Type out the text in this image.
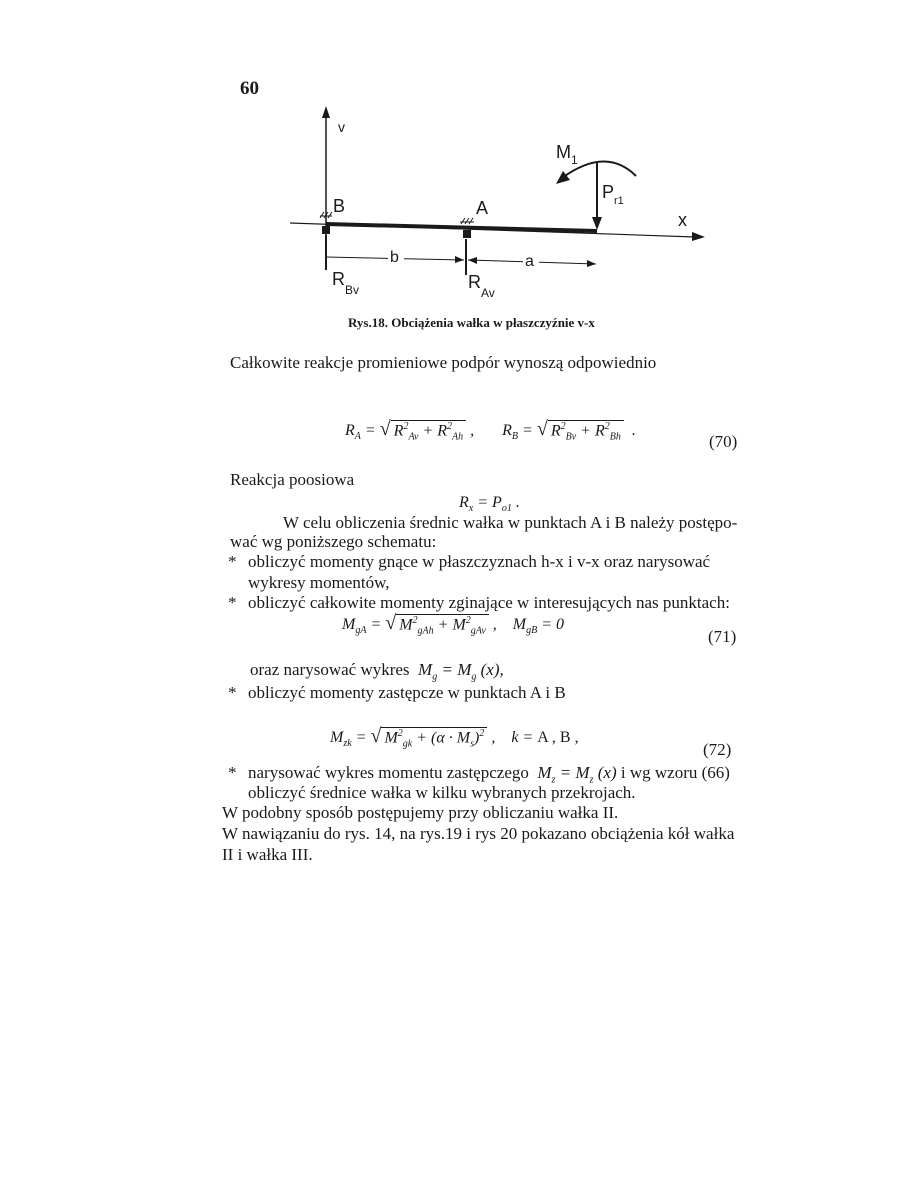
60
v
x
B	A
$R_{Bv}$	$R_{Av}$
b	a
$P_{r1}$
$M_1$
Rys.18. Obciążenia wałka w płaszczyźnie v-x
Całkowite reakcje promieniowe podpór wynoszą odpowiednio
$R_A$ = √ $R^2_{Av} + R^2_{Ah}$ ,       $R_B$ = √ $R^2_{Bv} + R^2_{Bh}$  .
(70)
Reakcja poosiowa
$R_x = P_{o1}$ .
W celu obliczenia średnic wałka w punktach A i B należy postępo-
wać wg poniższego schematu:
* obliczyć momenty gnące w płaszczyznach h-x i v-x oraz narysować
wykresy momentów,
* obliczyć całkowite momenty zginające w interesujących nas punktach:
$M_{gA}$ = √ $M^2_{gAh} + M^2_{gAv}$ ,    $M_{gB} = 0$
(71)
oraz narysować wykres $M_g = M_g$ (x),
* obliczyć momenty zastępcze w punktach A i B
$M_{zk}$ = √ $M^2_{gk} + (\alpha \cdot M_s)^2$ ,    k = A , B ,
(72)
* narysować wykres momentu zastępczego $M_z = M_z$ (x) i wg wzoru (66)
obliczyć średnice wałka w kilku wybranych przekrojach.
W podobny sposób postępujemy przy obliczaniu wałka II.
W nawiązaniu do rys. 14, na rys.19 i rys 20 pokazano obciążenia kół wałka
II i wałka III.
